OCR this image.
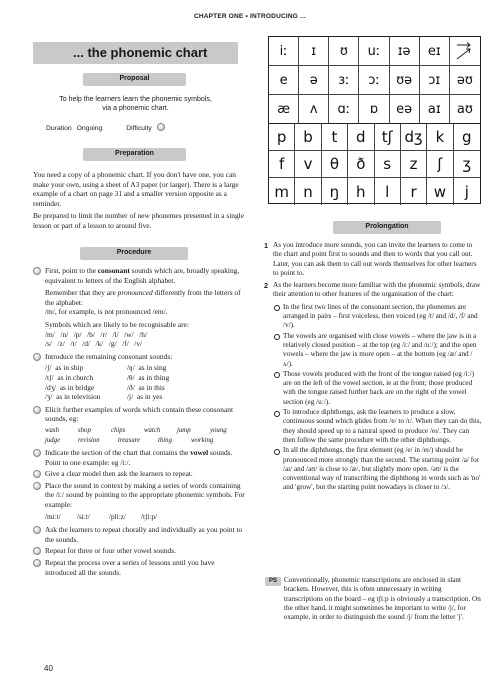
CHAPTER ONE • INTRODUCING ...
... the phonemic chart
Proposal
To help the learners learn the phonemic symbols,
via a phonemic chart.
Duration Ongoing	Difficulty
Preparation

You need a copy of a phonemic chart. If you don't have one, you can make your own, using a sheet of A3 paper (or larger). There is a large example of a chart on page 31 and a smaller version opposite as a reminder.

Be prepared to limit the number of new phonemes presented in a single lesson or part of a lesson to around five.

Procedure
First, point to the consonant sounds which are, broadly speaking, equivalent to letters of the English alphabet.
Remember that they are pronounced differently from the letters of the alphabet:
/m/, for example, is not pronounced /em/.
Symbols which are likely to be recognisable are:
/m/   /n/   /p/   /b/   /r/   /l/   /w/   /h/
/s/   /z/   /t/   /d/   /k/   /g/   /f/   /v/
Introduce the remaining consonant sounds:
/ʃ/  as in ship	/ŋ/  as in sing
/tʃ/  as in church	/θ/  as in thing
/dʒ/  as in bridge	/ð/  as in this
/ʒ/  as in television	/j/  as in yes
Elicit further examples of words which contain these consonant sounds, eg:
wash	shop	chips	watch	jump	young
judge	revision	treasure	thing	working
Indicate the section of the chart that contains the vowel sounds. Point to one example: eg /iː/.
Give a clear model then ask the learners to repeat.
Place the sound in context by making a series of words containing the /iː/ sound by pointing to the appropriate phonemic symbols. For example:
/miːt/	/siːt/	/pliːz/	/tʃiːp/
Ask the learners to repeat chorally and individually as you point to the sounds.
Repeat for three or four other vowel sounds.
Repeat the process over a series of lessons until you have introduced all the sounds.
40
iː	ɪ	ʊ	uː	ɪə	eɪ
e	ə	ɜː	ɔː	ʊə	ɔɪ	əʊ
æ	ʌ	ɑː	ɒ	eə	aɪ	aʊ
p	b	t	d	tʃ dʒ k	g
f	v	θ	ð	s	z	ʃ	ʒ
m n	ŋ	h	l	r	w	j
Prolongation
1 As you introduce more sounds, you can invite the learners to come to the chart and point first to sounds and then to words that you call out. Later, you can ask them to call out words themselves for other learners to point to.
2 As the learners become more familiar with the phonemic symbols, draw their attention to other features of the organisation of the chart:
In the first two lines of the consonant section, the phonemes are arranged in pairs – first voiceless, then voiced (eg /t/ and /d/, /f/ and /v/).
The vowels are organised with close vowels – where the jaw is in a relatively closed position – at the top (eg /iː/ and /uː/); and the open vowels – where the jaw is more open – at the bottom (eg /æ/ and /ʌ/).
Those vowels produced with the front of the tongue raised (eg /iː/) are on the left of the vowel section, ie at the front; those produced with the tongue raised further back are on the right of the vowel section (eg /uː/).
To introduce diphthongs, ask the learners to produce a slow, continuous sound which glides from /e/ to /ɪ/. When they can do this, they should speed up to a natural speed to produce /eɪ/. They can then follow the same procedure with the other diphthongs.
In all the diphthongs, the first element (eg /e/ in /eɪ/) should be pronounced more strongly than the second. The starting point /a/ for /aɪ/ and /aʊ/ is close to /æ/, but slightly more open. /əʊ/ is the conventional way of transcribing the diphthong in words such as 'no' and 'grow', but the starting point nowadays is closer to /ɔ/.
PS Conventionally, phonemic transcriptions are enclosed in slant brackets. However, this is often unnecessary in writing transcriptions on the board – eg tʃiːp is obviously a transcription. On the other hand, it might sometimes be important to write /j/, for example, in order to distinguish the sound /j/ from the letter 'j'.
